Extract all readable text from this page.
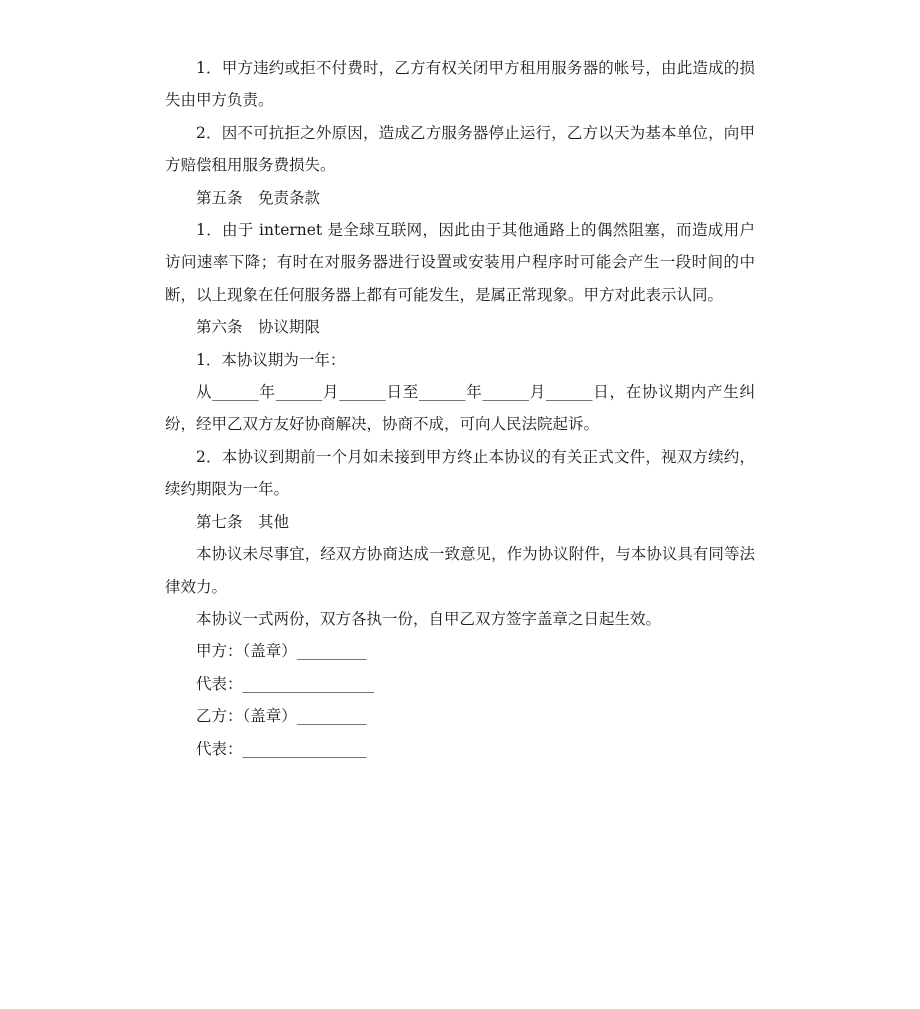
1．甲方违约或拒不付费时，乙方有权关闭甲方租用服务器的帐号，由此造成的损失由甲方负责。

2．因不可抗拒之外原因，造成乙方服务器停止运行，乙方以天为基本单位，向甲方赔偿租用服务费损失。

第五条　免责条款

1．由于 internet 是全球互联网，因此由于其他通路上的偶然阻塞，而造成用户访问速率下降；有时在对服务器进行设置或安装用户程序时可能会产生一段时间的中断，以上现象在任何服务器上都有可能发生，是属正常现象。甲方对此表示认同。

第六条　协议期限

1．本协议期为一年：

从______年______月______日至______年______月______日，在协议期内产生纠纷，经甲乙双方友好协商解决，协商不成，可向人民法院起诉。

2．本协议到期前一个月如未接到甲方终止本协议的有关正式文件，视双方续约，续约期限为一年。

第七条　其他

本协议未尽事宜，经双方协商达成一致意见，作为协议附件，与本协议具有同等法律效力。

本协议一式两份，双方各执一份，自甲乙双方签字盖章之日起生效。

甲方：（盖章）_________

代表：_________________

乙方：（盖章）_________

代表：________________
